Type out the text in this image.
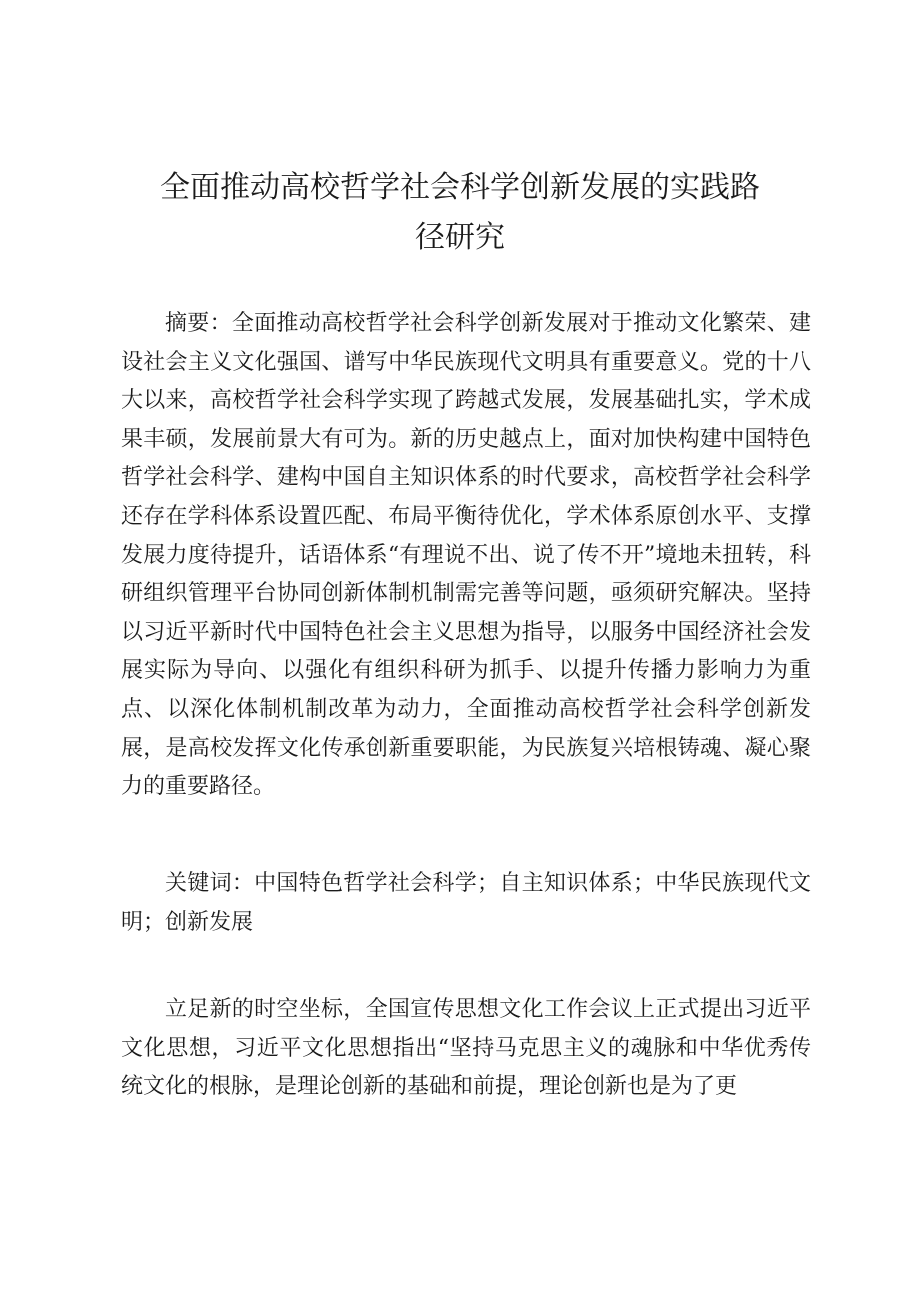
全面推动高校哲学社会科学创新发展的实践路
径研究

摘要：全面推动高校哲学社会科学创新发展对于推动文化繁荣、建设社会主义文化强国、谱写中华民族现代文明具有重要意义。党的十八大以来，高校哲学社会科学实现了跨越式发展，发展基础扎实，学术成果丰硕，发展前景大有可为。新的历史越点上，面对加快构建中国特色哲学社会科学、建构中国自主知识体系的时代要求，高校哲学社会科学还存在学科体系设置匹配、布局平衡待优化，学术体系原创水平、支撑发展力度待提升，话语体系“有理说不出、说了传不开”境地未扭转，科研组织管理平台协同创新体制机制需完善等问题，亟须研究解决。坚持以习近平新时代中国特色社会主义思想为指导，以服务中国经济社会发展实际为导向、以强化有组织科研为抓手、以提升传播力影响力为重点、以深化体制机制改革为动力，全面推动高校哲学社会科学创新发展，是高校发挥文化传承创新重要职能，为民族复兴培根铸魂、凝心聚力的重要路径。

关键词：中国特色哲学社会科学；自主知识体系；中华民族现代文明；创新发展

立足新的时空坐标，全国宣传思想文化工作会议上正式提出习近平文化思想，习近平文化思想指出“坚持马克思主义的魂脉和中华优秀传统文化的根脉，是理论创新的基础和前提，理论创新也是为了更
